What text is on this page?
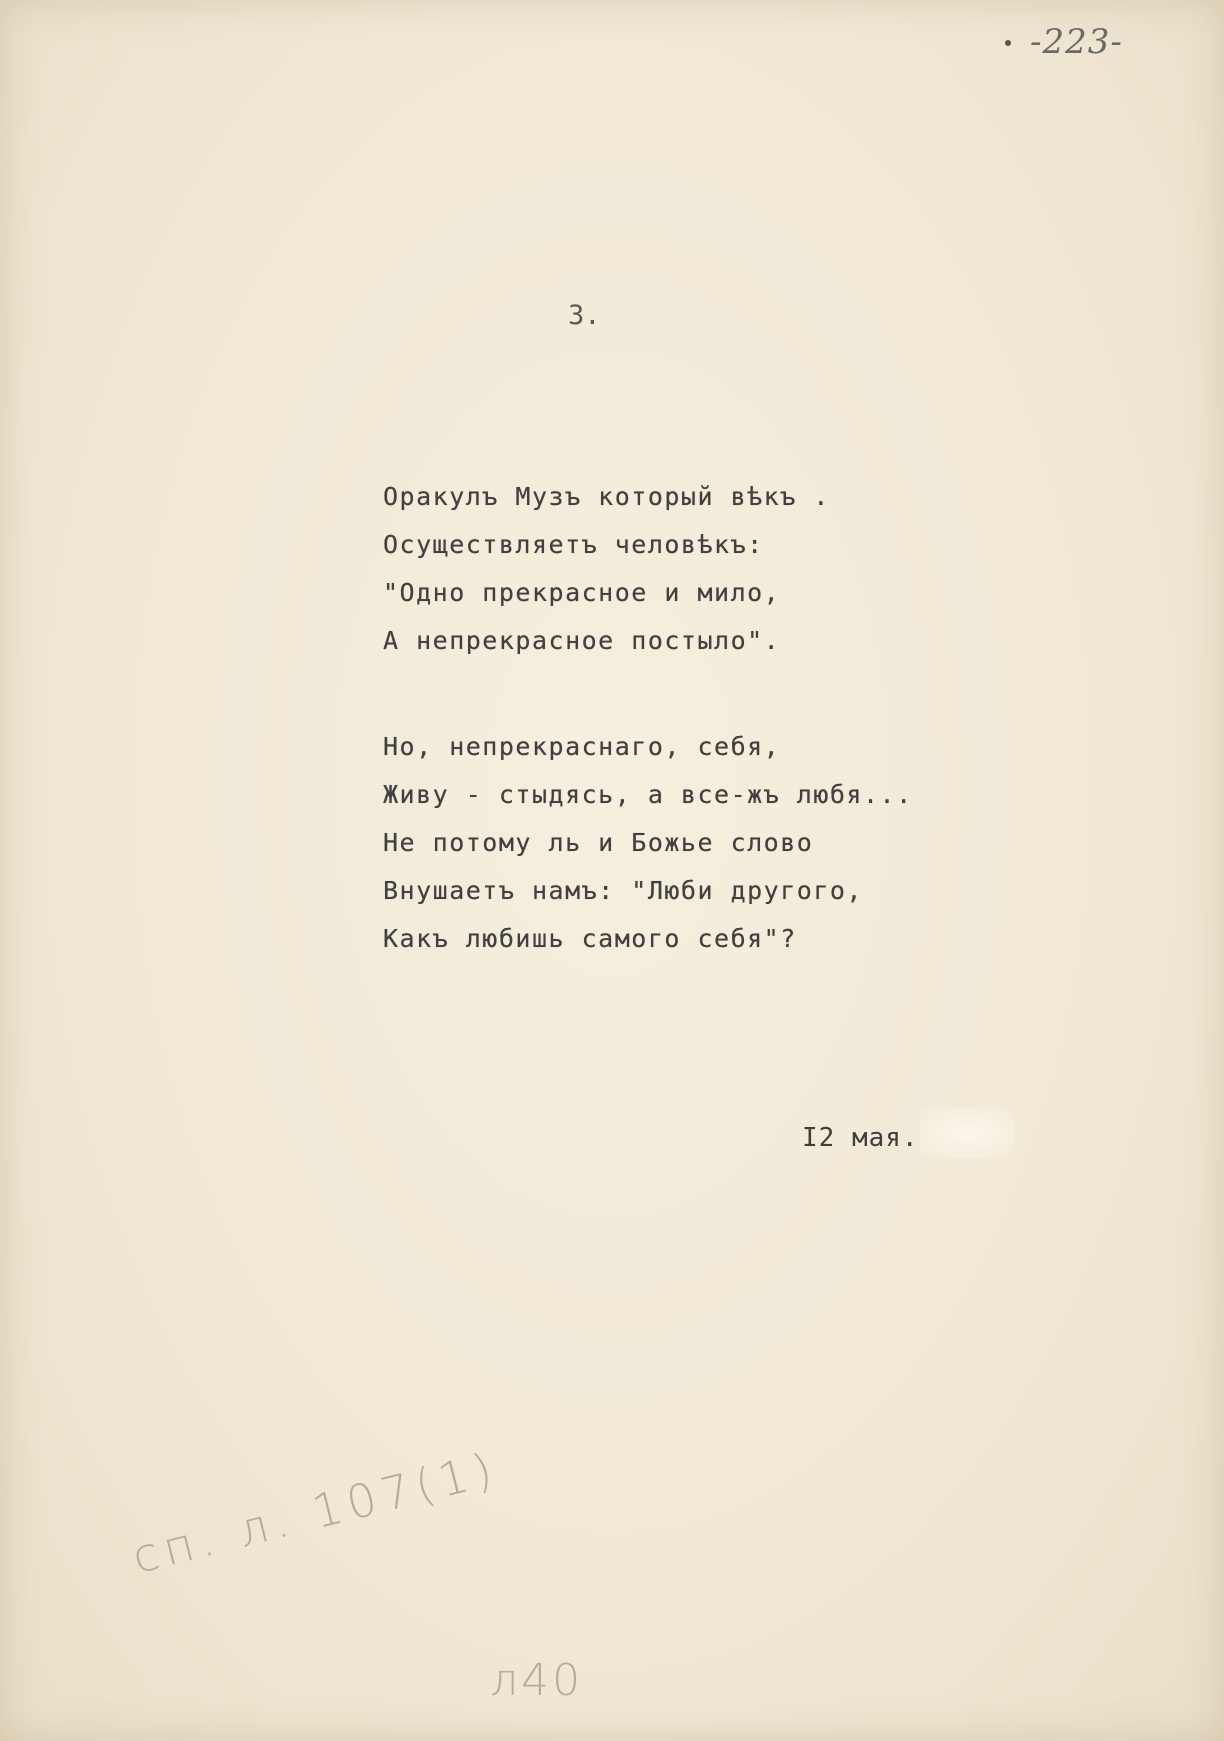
-223-
3.
Оракулъ Музъ который вѣкъ .
Осуществляетъ человѣкъ:
"Одно прекрасное и мило,
А непрекрасное постыло".
Но, непрекраснаго, себя,
Живу - стыдясь, а все-жъ любя...
Не потому ль и Божье слово
Внушаетъ намъ: "Люби другого,
Какъ любишь самого себя"?
I2 мая.
сп. л. 107(1)
л40
